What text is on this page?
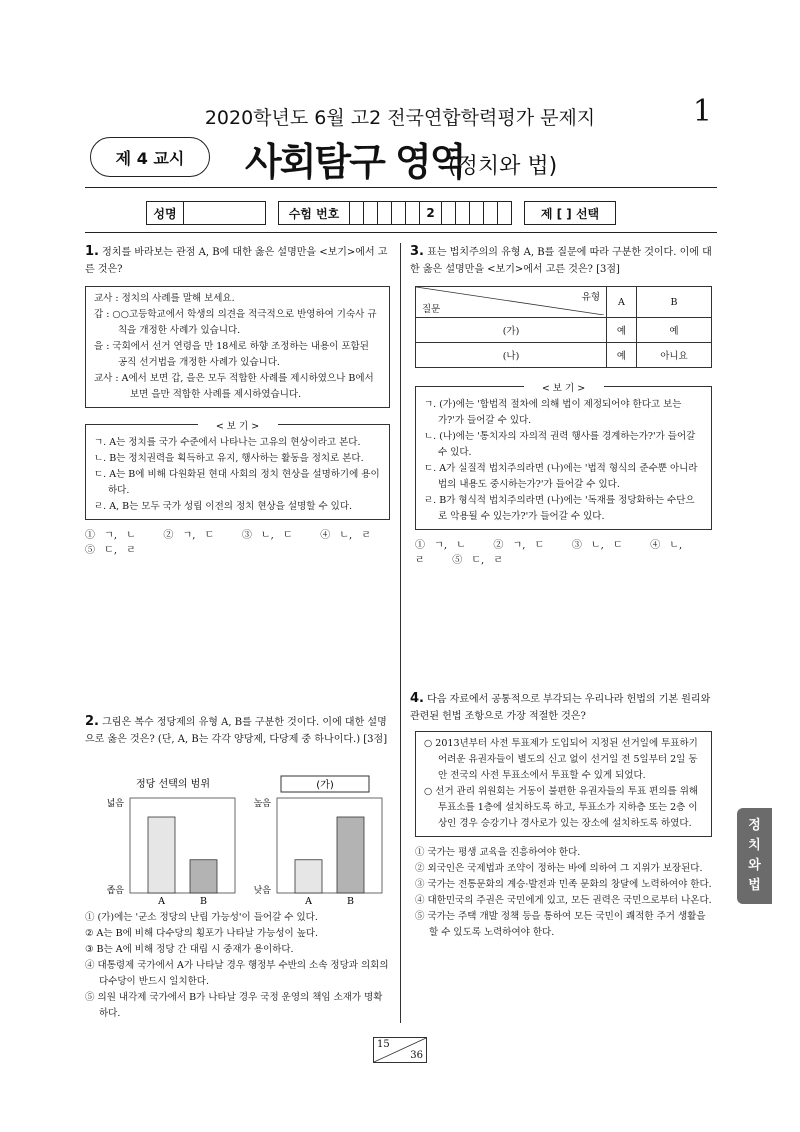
2020학년도 6월 고2 전국연합학력평가 문제지	1
제 4 교시	사회탐구 영역
(정치와 법)
성명	수험 번호	2	제 [ ] 선택
1. 정치를 바라보는 관점 A, B에 대한 옳은 설명만을 <보기>에서 고른 것은?
교사 : 정치의 사례를 말해 보세요.
갑 : ○○고등학교에서 학생의 의견을 적극적으로 반영하여 기숙사 규칙을 개정한 사례가 있습니다.
을 : 국회에서 선거 연령을 만 18세로 하향 조정하는 내용이 포함된 공직 선거법을 개정한 사례가 있습니다.
교사 : A에서 보면 갑, 을은 모두 적합한 사례를 제시하였으나 B에서 보면 을만 적합한 사례를 제시하였습니다.
< 보 기 >
ㄱ. A는 정치를 국가 수준에서 나타나는 고유의 현상이라고 본다.
ㄴ. B는 정치권력을 획득하고 유지, 행사하는 활동을 정치로 본다.
ㄷ. A는 B에 비해 다원화된 현대 사회의 정치 현상을 설명하기에 용이하다.
ㄹ. A, B는 모두 국가 성립 이전의 정치 현상을 설명할 수 있다.
① ㄱ, ㄴ	② ㄱ, ㄷ	③ ㄴ, ㄷ	④ ㄴ, ㄹ   ⑤ ㄷ, ㄹ
2. 그림은 복수 정당제의 유형 A, B를 구분한 것이다. 이에 대한 설명으로 옳은 것은? (단, A, B는 각각 양당제, 다당제 중 하나이다.) [3점]
정당 선택의 범위	(가)
넓음
좁음
A	B
높음
낮음
A	B
① (가)에는 '군소 정당의 난립 가능성'이 들어갈 수 있다.
② A는 B에 비해 다수당의 횡포가 나타날 가능성이 높다.
③ B는 A에 비해 정당 간 대립 시 중재가 용이하다.
④ 대통령제 국가에서 A가 나타날 경우 행정부 수반의 소속 정당과 의회의 다수당이 반드시 일치한다.
⑤ 의원 내각제 국가에서 B가 나타날 경우 국정 운영의 책임 소재가 명확하다.
3. 표는 법치주의의 유형 A, B를 질문에 따라 구분한 것이다. 이에 대한 옳은 설명만을 <보기>에서 고른 것은? [3점]
유형
질문	A	B
(가)	예	예
(나)	예	아니요
< 보 기 >
ㄱ. (가)에는 '합법적 절차에 의해 법이 제정되어야 한다고 보는가?'가 들어갈 수 있다.
ㄴ. (나)에는 '통치자의 자의적 권력 행사를 경계하는가?'가 들어갈 수 있다.
ㄷ. A가 실질적 법치주의라면 (나)에는 '법적 형식의 준수뿐 아니라 법의 내용도 중시하는가?'가 들어갈 수 있다.
ㄹ. B가 형식적 법치주의라면 (나)에는 '독재를 정당화하는 수단으로 악용될 수 있는가?'가 들어갈 수 있다.
① ㄱ, ㄴ	② ㄱ, ㄷ	③ ㄴ, ㄷ	④ ㄴ, ㄹ	⑤ ㄷ, ㄹ
4. 다음 자료에서 공통적으로 부각되는 우리나라 헌법의 기본 원리와 관련된 헌법 조항으로 가장 적절한 것은?
○ 2013년부터 사전 투표제가 도입되어 지정된 선거일에 투표하기 어려운 유권자들이 별도의 신고 없이 선거일 전 5일부터 2일 동안 전국의 사전 투표소에서 투표할 수 있게 되었다.
○ 선거 관리 위원회는 거동이 불편한 유권자들의 투표 편의를 위해 투표소를 1층에 설치하도록 하고, 투표소가 지하층 또는 2층 이상인 경우 승강기나 경사로가 있는 장소에 설치하도록 하였다.
① 국가는 평생 교육을 진흥하여야 한다.
② 외국인은 국제법과 조약이 정하는 바에 의하여 그 지위가 보장된다.
③ 국가는 전통문화의 계승·발전과 민족 문화의 창달에 노력하여야 한다.
④ 대한민국의 주권은 국민에게 있고, 모든 권력은 국민으로부터 나온다.
⑤ 국가는 주택 개발 정책 등을 통하여 모든 국민이 쾌적한 주거 생활을 할 수 있도록 노력하여야 한다.
정
치
와
법
15
36
